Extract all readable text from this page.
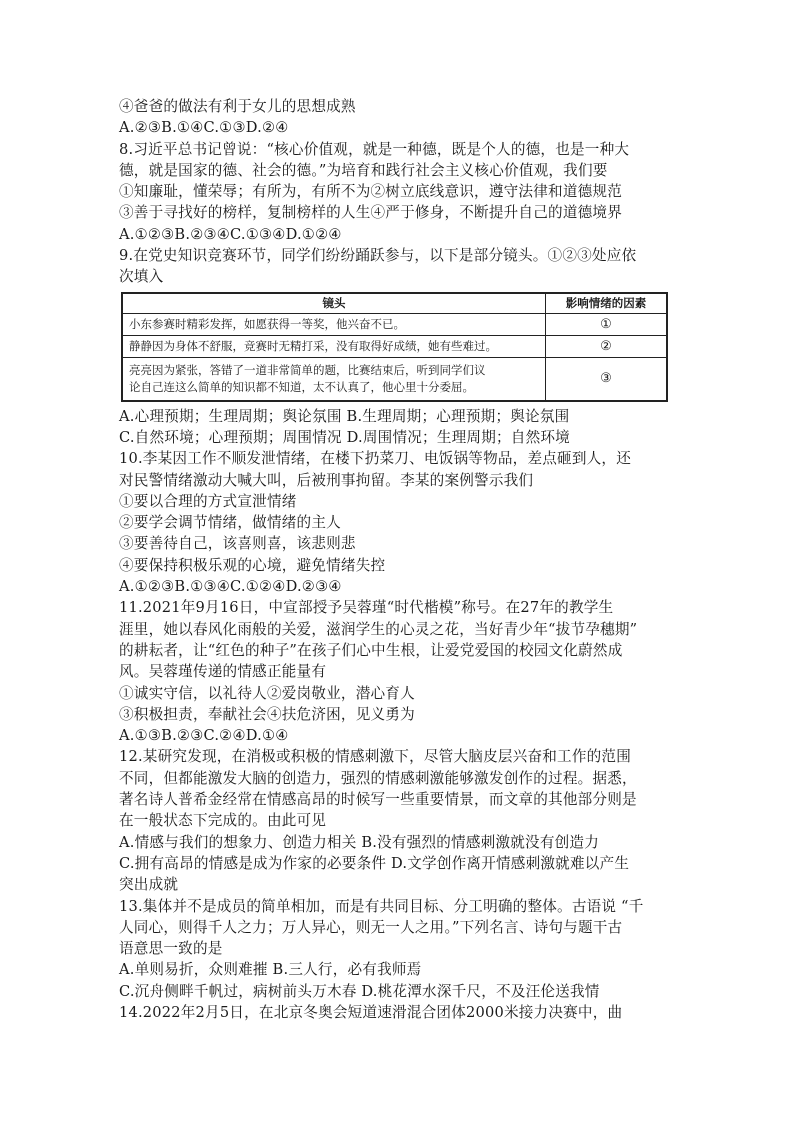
④爸爸的做法有利于女儿的思想成熟
A.②③B.①④C.①③D.②④
8.习近平总书记曾说：“核心价值观，就是一种德，既是个人的德，也是一种大
德，就是国家的德、社会的德。”为培育和践行社会主义核心价值观，我们要
①知廉耻，懂荣辱；有所为，有所不为②树立底线意识，遵守法律和道德规范
③善于寻找好的榜样，复制榜样的人生④严于修身，不断提升自己的道德境界
A.①②③B.②③④C.①③④D.①②④
9.在党史知识竞赛环节，同学们纷纷踊跃参与，以下是部分镜头。①②③处应依
次填入
镜头	影响情绪的因素
小东参赛时精彩发挥，如愿获得一等奖，他兴奋不已。	①
静静因为身体不舒服，竞赛时无精打采，没有取得好成绩，她有些难过。	②

亮亮因为紧张，答错了一道非常简单的题，比赛结束后，听到同学们议
论自己连这么简单的知识都不知道，太不认真了，他心里十分委屈。	③
A.心理预期；生理周期；舆论氛围 B.生理周期；心理预期；舆论氛围
C.自然环境；心理预期；周围情况 D.周围情况；生理周期；自然环境
10.李某因工作不顺发泄情绪，在楼下扔菜刀、电饭锅等物品，差点砸到人，还
对民警情绪激动大喊大叫，后被刑事拘留。李某的案例警示我们
①要以合理的方式宣泄情绪
②要学会调节情绪，做情绪的主人
③要善待自己，该喜则喜，该悲则悲
④要保持积极乐观的心境，避免情绪失控
A.①②③B.①③④C.①②④D.②③④
11.2021年9月16日，中宣部授予吴蓉瑾“时代楷模”称号。在27年的教学生
涯里，她以春风化雨般的关爱，滋润学生的心灵之花，当好青少年“拔节孕穗期”
的耕耘者，让“红色的种子”在孩子们心中生根，让爱党爱国的校园文化蔚然成
风。吴蓉瑾传递的情感正能量有
①诚实守信，以礼待人②爱岗敬业，潜心育人
③积极担责，奉献社会④扶危济困，见义勇为
A.①③B.②③C.②④D.①④
12.某研究发现，在消极或积极的情感刺激下，尽管大脑皮层兴奋和工作的范围
不同，但都能激发大脑的创造力，强烈的情感刺激能够激发创作的过程。据悉，
著名诗人普希金经常在情感高昂的时候写一些重要情景，而文章的其他部分则是
在一般状态下完成的。由此可见
A.情感与我们的想象力、创造力相关 B.没有强烈的情感刺激就没有创造力
C.拥有高昂的情感是成为作家的必要条件 D.文学创作离开情感刺激就难以产生
突出成就
13.集体并不是成员的简单相加，而是有共同目标、分工明确的整体。古语说 “千
人同心，则得千人之力；万人异心，则无一人之用。”下列名言、诗句与题干古
语意思一致的是
A.单则易折，众则难摧 B.三人行，必有我师焉
C.沉舟侧畔千帆过，病树前头万木春 D.桃花潭水深千尺，不及汪伦送我情
14.2022年2月5日，在北京冬奥会短道速滑混合团体2000米接力决赛中，曲
